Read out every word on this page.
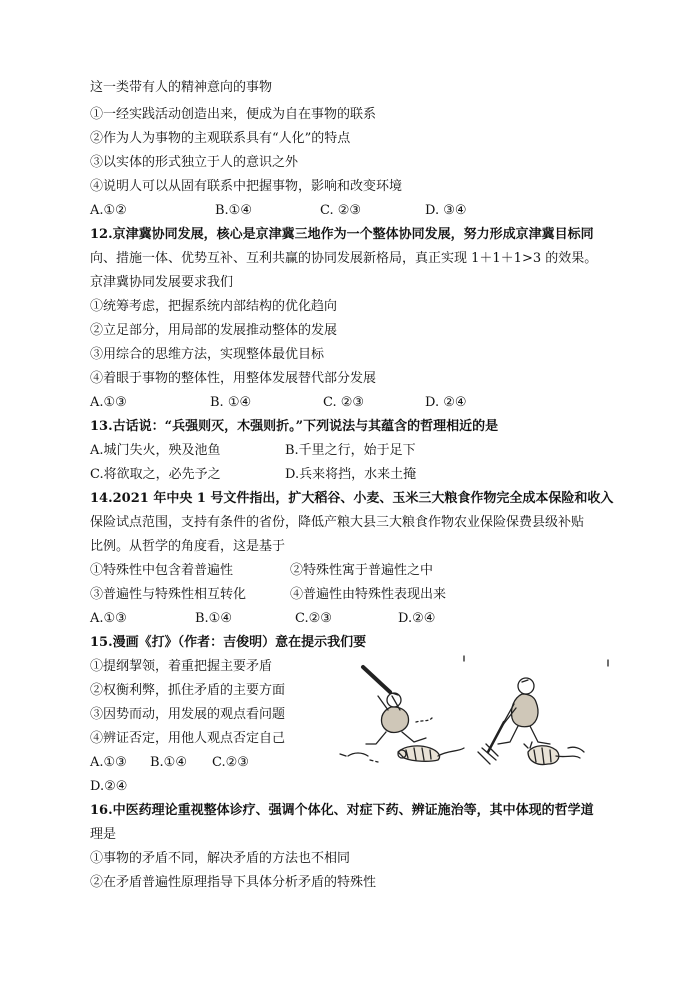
这一类带有人的精神意向的事物
①一经实践活动创造出来，便成为自在事物的联系
②作为人为事物的主观联系具有“人化”的特点
③以实体的形式独立于人的意识之外
④说明人可以从固有联系中把握事物，影响和改变环境
A.①②	B.①④	C. ②③	D. ③④
12.京津冀协同发展，核心是京津冀三地作为一个整体协同发展，努力形成京津冀目标同
向、措施一体、优势互补、互利共赢的协同发展新格局，真正实现 1＋1＋1>3 的效果。
京津冀协同发展要求我们
①统筹考虑，把握系统内部结构的优化趋向
②立足部分，用局部的发展推动整体的发展
③用综合的思维方法，实现整体最优目标
④着眼于事物的整体性，用整体发展替代部分发展
A.①③	B. ①④	C. ②③	D. ②④
13.古话说：“兵强则灭，木强则折。”下列说法与其蕴含的哲理相近的是
A.城门失火，殃及池鱼	B.千里之行，始于足下
C.将欲取之，必先予之	D.兵来将挡，水来土掩
14.2021 年中央 1 号文件指出，扩大稻谷、小麦、玉米三大粮食作物完全成本保险和收入
保险试点范围，支持有条件的省份，降低产粮大县三大粮食作物农业保险保费县级补贴
比例。从哲学的角度看，这是基于
①特殊性中包含着普遍性	②特殊性寓于普遍性之中
③普遍性与特殊性相互转化	④普遍性由特殊性表现出来
A.①③	B.①④	C.②③	D.②④
15.漫画《打》（作者：吉俊明）意在提示我们要
①提纲挈领，着重把握主要矛盾
②权衡利弊，抓住矛盾的主要方面
③因势而动，用发展的观点看问题
④辨证否定，用他人观点否定自己
A.①③ B.①④ C.②③
D.②④
16.中医药理论重视整体诊疗、强调个体化、对症下药、辨证施治等，其中体现的哲学道
理是
①事物的矛盾不同，解决矛盾的方法也不相同
②在矛盾普遍性原理指导下具体分析矛盾的特殊性
